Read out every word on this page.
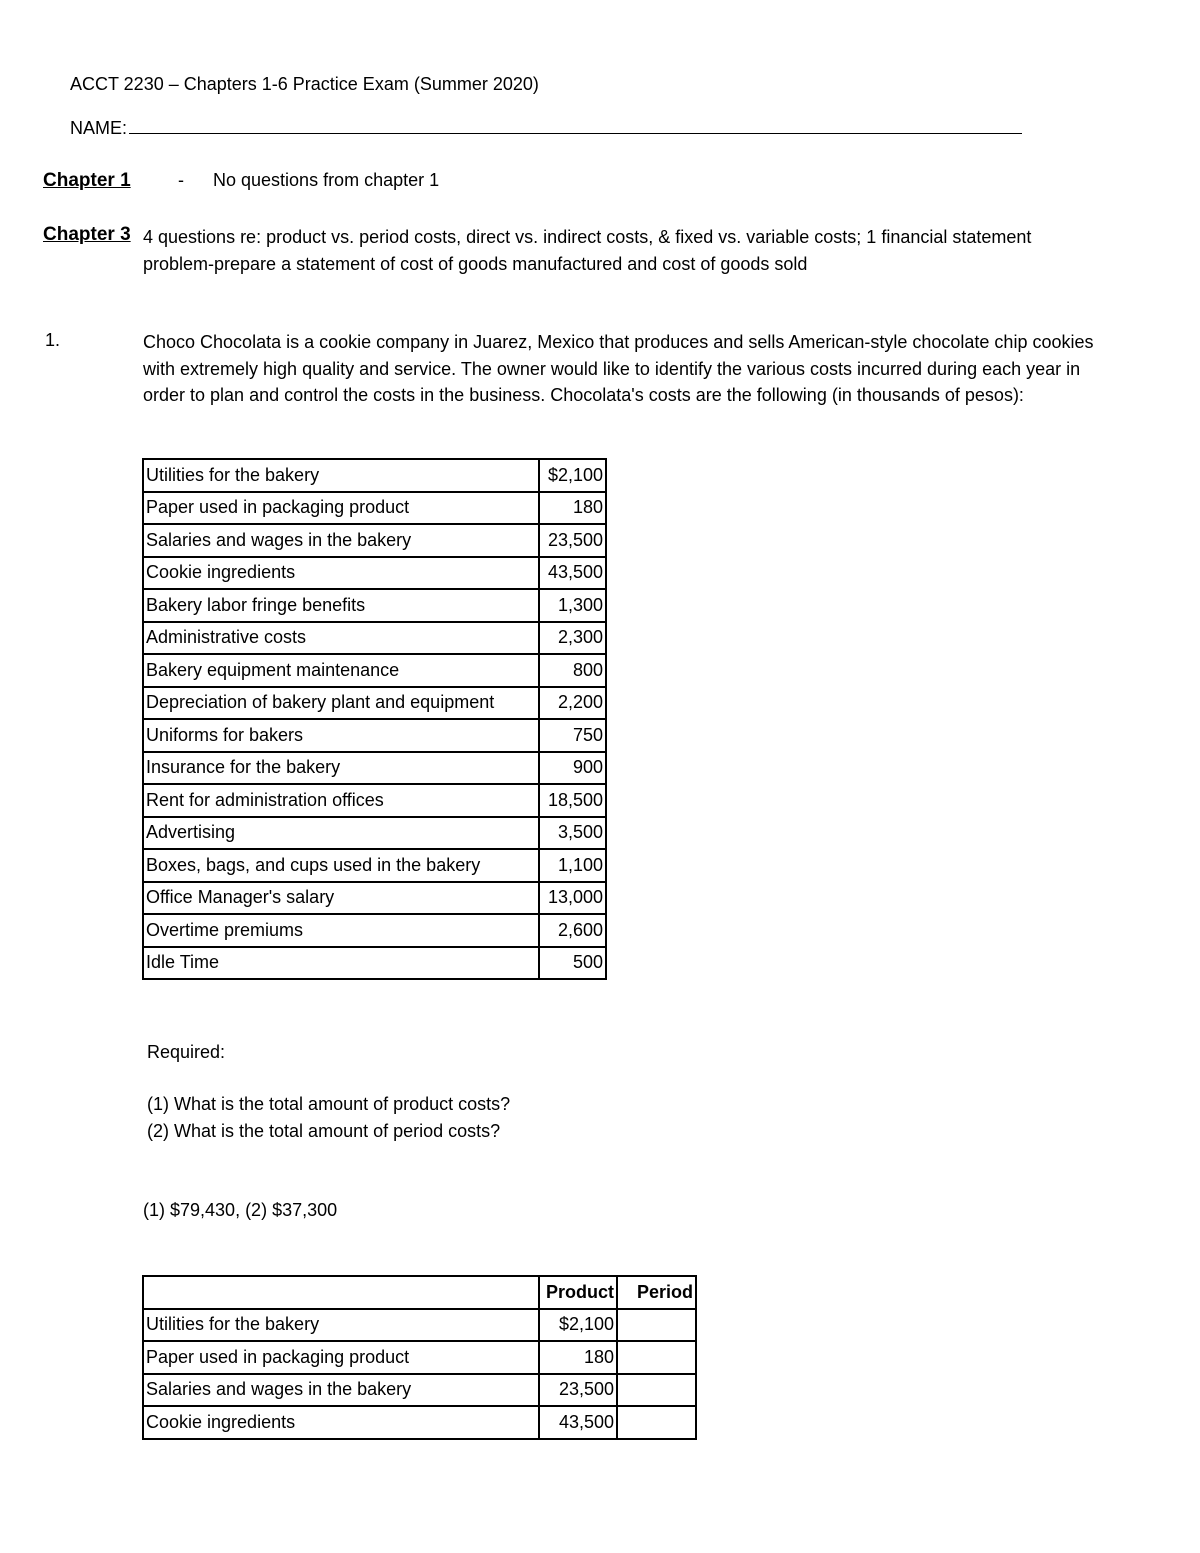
ACCT 2230 – Chapters 1-6 Practice Exam (Summer 2020)
NAME:
Chapter 1	- No questions from chapter 1
Chapter 3 4 questions re: product vs. period costs, direct vs. indirect costs, & fixed vs. variable costs; 1 financial statement problem-prepare a statement of cost of goods manufactured and cost of goods sold
1.	Choco Chocolata is a cookie company in Juarez, Mexico that produces and sells American-style chocolate chip cookies with extremely high quality and service. The owner would like to identify the various costs incurred during each year in order to plan and control the costs in the business. Chocolata's costs are the following (in thousands of pesos):
Utilities for the bakery	$2,100
Paper used in packaging product	180
Salaries and wages in the bakery	23,500
Cookie ingredients	43,500
Bakery labor fringe benefits	1,300
Administrative costs	2,300
Bakery equipment maintenance	800
Depreciation of bakery plant and equipment	2,200
Uniforms for bakers	750
Insurance for the bakery	900
Rent for administration offices	18,500
Advertising	3,500
Boxes, bags, and cups used in the bakery	1,100
Office Manager's salary	13,000
Overtime premiums	2,600
Idle Time	500
Required:
(1) What is the total amount of product costs?
(2) What is the total amount of period costs?
(1) $79,430, (2) $37,300
	Product	Period
Utilities for the bakery	$2,100	
Paper used in packaging product	180	
Salaries and wages in the bakery	23,500	
Cookie ingredients	43,500	
